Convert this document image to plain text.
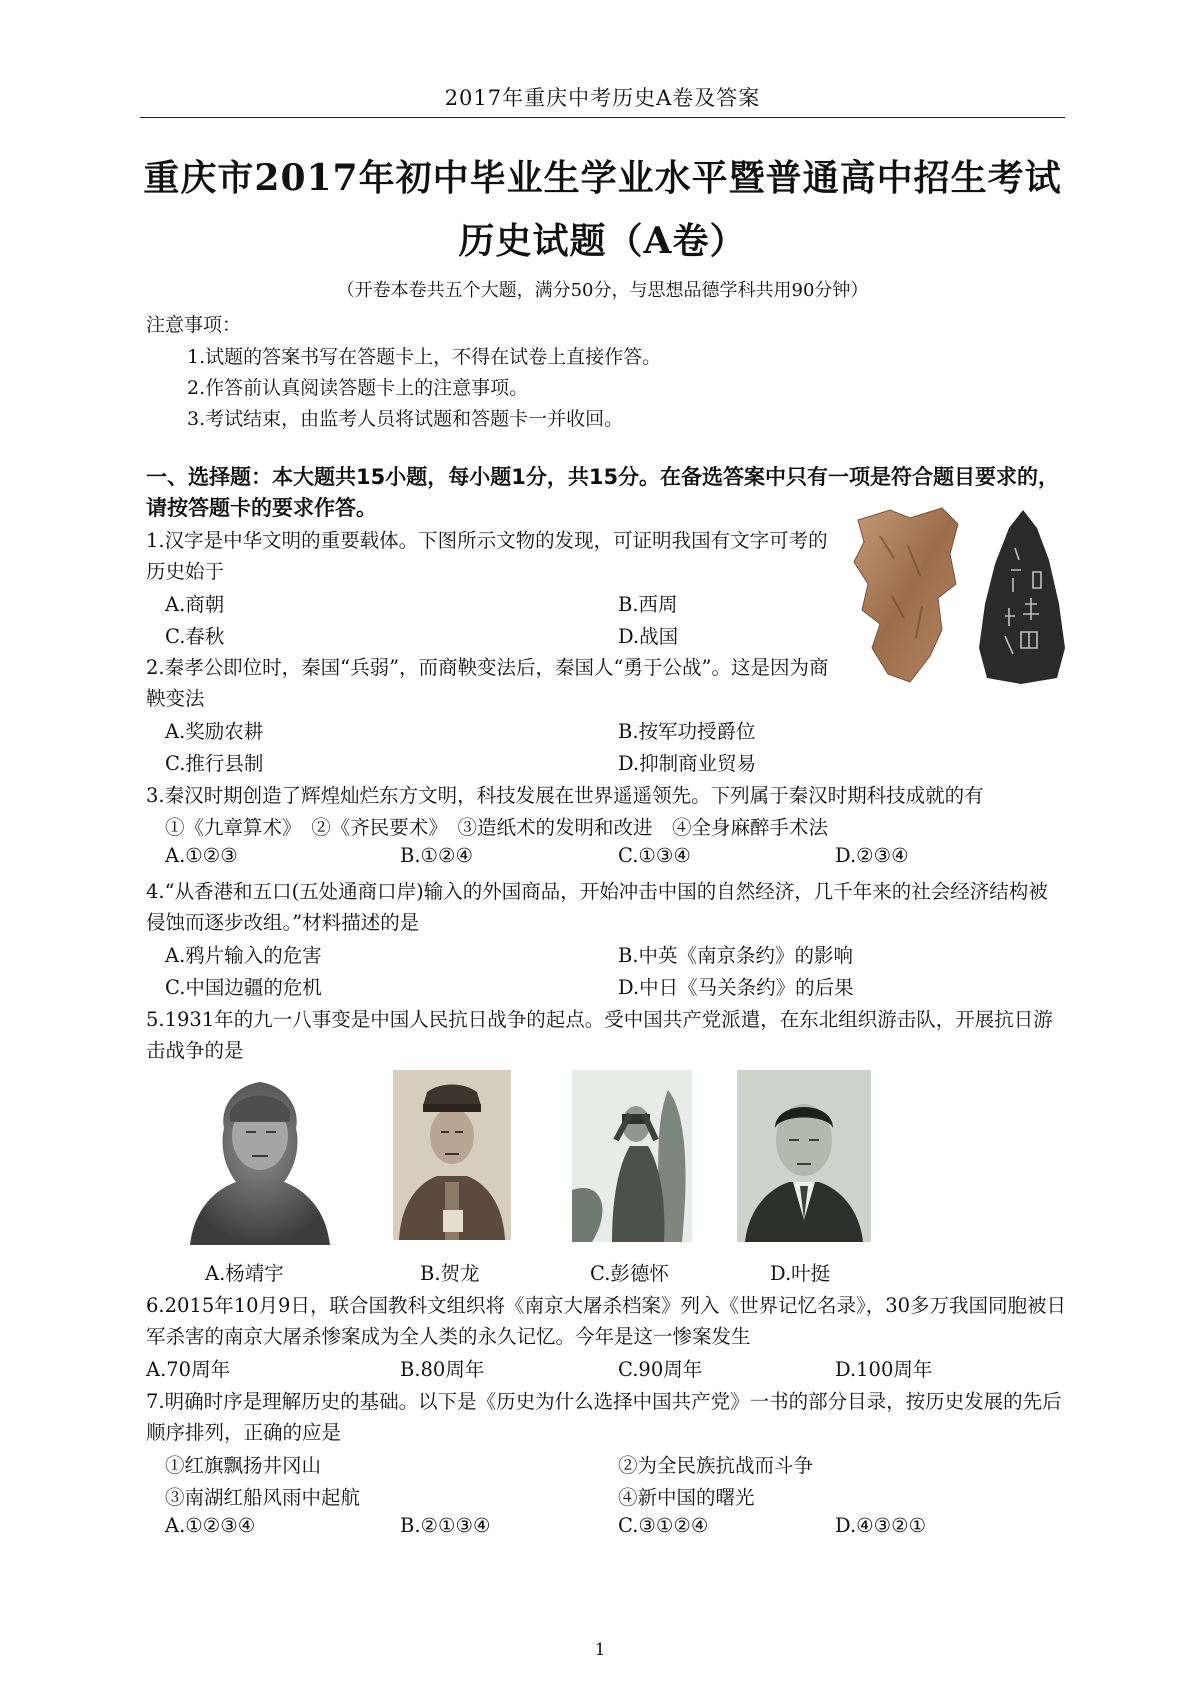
2017年重庆中考历史A卷及答案
重庆市2017年初中毕业生学业水平暨普通高中招生考试
历史试题（A卷）
（开卷本卷共五个大题，满分50分，与思想品德学科共用90分钟）
注意事项：
1.试题的答案书写在答题卡上，不得在试卷上直接作答。
2.作答前认真阅读答题卡上的注意事项。
3.考试结束，由监考人员将试题和答题卡一并收回。
一、选择题：本大题共15小题，每小题1分，共15分。在备选答案中只有一项是符合题目要求的，请按答题卡的要求作答。
1.汉字是中华文明的重要载体。下图所示文物的发现，可证明我国有文字可考的历史始于
A.商朝	B.西周
C.春秋	D.战国
2.秦孝公即位时，秦国“兵弱”，而商鞅变法后，秦国人“勇于公战”。这是因为商鞅变法
A.奖励农耕	B.按军功授爵位
C.推行县制	D.抑制商业贸易
3.秦汉时期创造了辉煌灿烂东方文明，科技发展在世界遥遥领先。下列属于秦汉时期科技成就的有
①《九章算术》　②《齐民要术》　③造纸术的发明和改进　④全身麻醉手术法
A.①②③	B.①②④	C.①③④	D.②③④
4.“从香港和五口(五处通商口岸)输入的外国商品，开始冲击中国的自然经济，几千年来的社会经济结构被侵蚀而逐步改组。”材料描述的是
A.鸦片输入的危害	B.中英《南京条约》的影响
C.中国边疆的危机	D.中日《马关条约》的后果
5.1931年的九一八事变是中国人民抗日战争的起点。受中国共产党派遣，在东北组织游击队，开展抗日游击战争的是
A.杨靖宇	B.贺龙	C.彭德怀	D.叶挺
6.2015年10月9日，联合国教科文组织将《南京大屠杀档案》列入《世界记忆名录》，30多万我国同胞被日军杀害的南京大屠杀惨案成为全人类的永久记忆。今年是这一惨案发生
A.70周年	B.80周年	C.90周年	D.100周年
7.明确时序是理解历史的基础。以下是《历史为什么选择中国共产党》一书的部分目录，按历史发展的先后顺序排列，正确的应是
①红旗飘扬井冈山	②为全民族抗战而斗争
③南湖红船风雨中起航	④新中国的曙光
A.①②③④	B.②①③④	C.③①②④	D.④③②①
1
